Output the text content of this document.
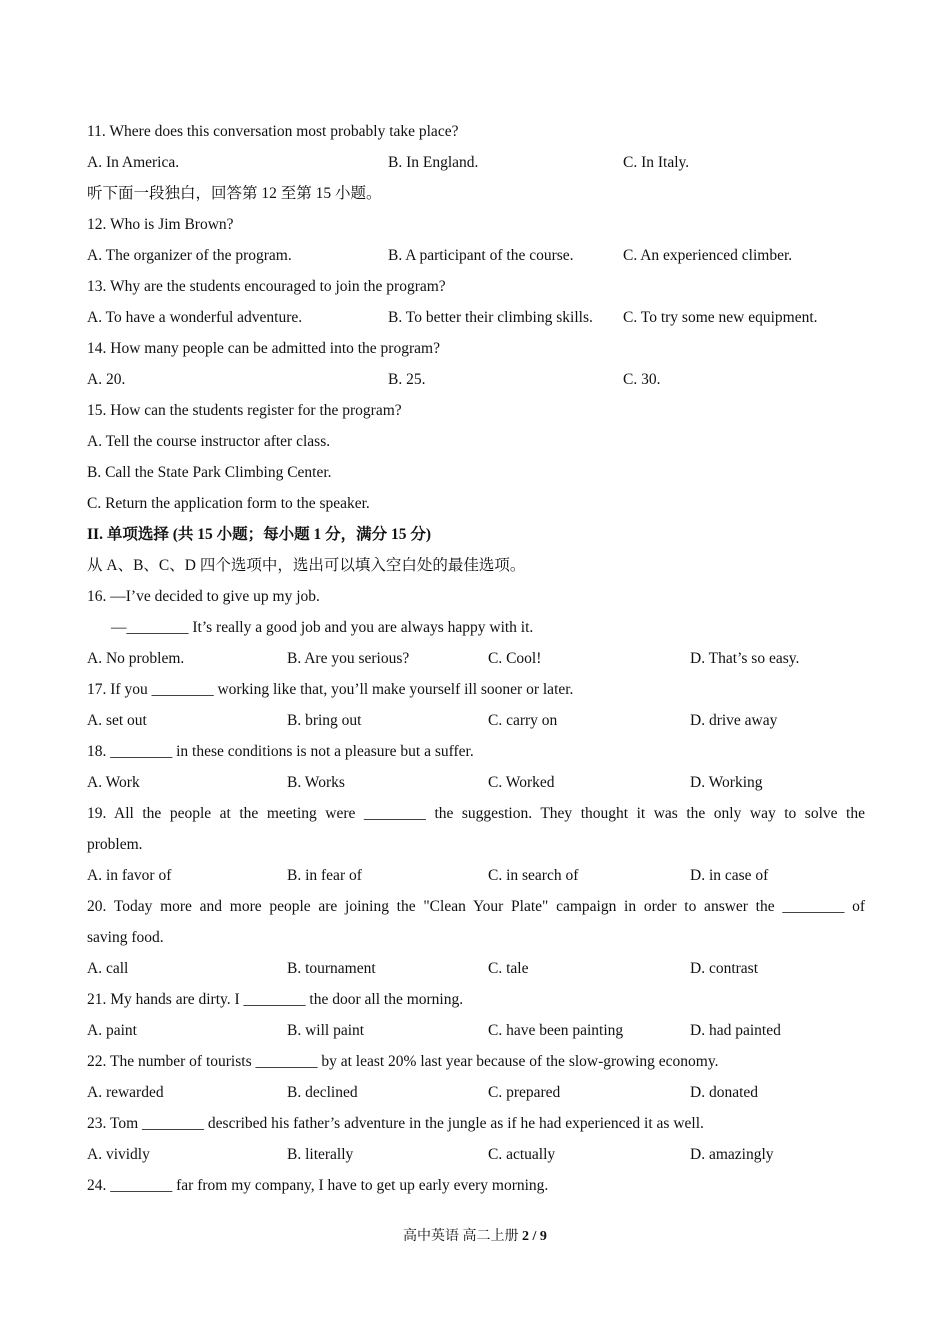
11. Where does this conversation most probably take place?
A. In America.	B. In England.	C. In Italy.
听下面一段独白，回答第 12 至第 15 小题。
12. Who is Jim Brown?
A. The organizer of the program.	B. A participant of the course.	C. An experienced climber.
13. Why are the students encouraged to join the program?
A. To have a wonderful adventure.	B. To better their climbing skills. C. To try some new equipment.
14. How many people can be admitted into the program?
A. 20.	B. 25.	C. 30.
15. How can the students register for the program?
A. Tell the course instructor after class.
B. Call the State Park Climbing Center.
C. Return the application form to the speaker.
II. 单项选择 (共 15 小题；每小题 1 分，满分 15 分)
从 A、B、C、D 四个选项中，选出可以填入空白处的最佳选项。
16. —I’ve decided to give up my job.
—________ It’s really a good job and you are always happy with it.
A. No problem.	B. Are you serious?	C. Cool!	D. That’s so easy.
17. If you ________ working like that, you’ll make yourself ill sooner or later.
A. set out	B. bring out	C. carry on	D. drive away
18. ________ in these conditions is not a pleasure but a suffer.
A. Work	B. Works	C. Worked	D. Working
19. All the people at the meeting were ________ the suggestion. They thought it was the only way to solve the
problem.
A. in favor of	B. in fear of	C. in search of	D. in case of
20. Today more and more people are joining the "Clean Your Plate" campaign in order to answer the ________ of
saving food.
A. call	B. tournament	C. tale	D. contrast
21. My hands are dirty. I ________ the door all the morning.
A. paint	B. will paint	C. have been painting	D. had painted
22. The number of tourists ________ by at least 20% last year because of the slow-growing economy.
A. rewarded	B. declined	C. prepared	D. donated
23. Tom ________ described his father’s adventure in the jungle as if he had experienced it as well.
A. vividly	B. literally	C. actually	D. amazingly
24. ________ far from my company, I have to get up early every morning.
高中英语 高二上册 2 / 9
